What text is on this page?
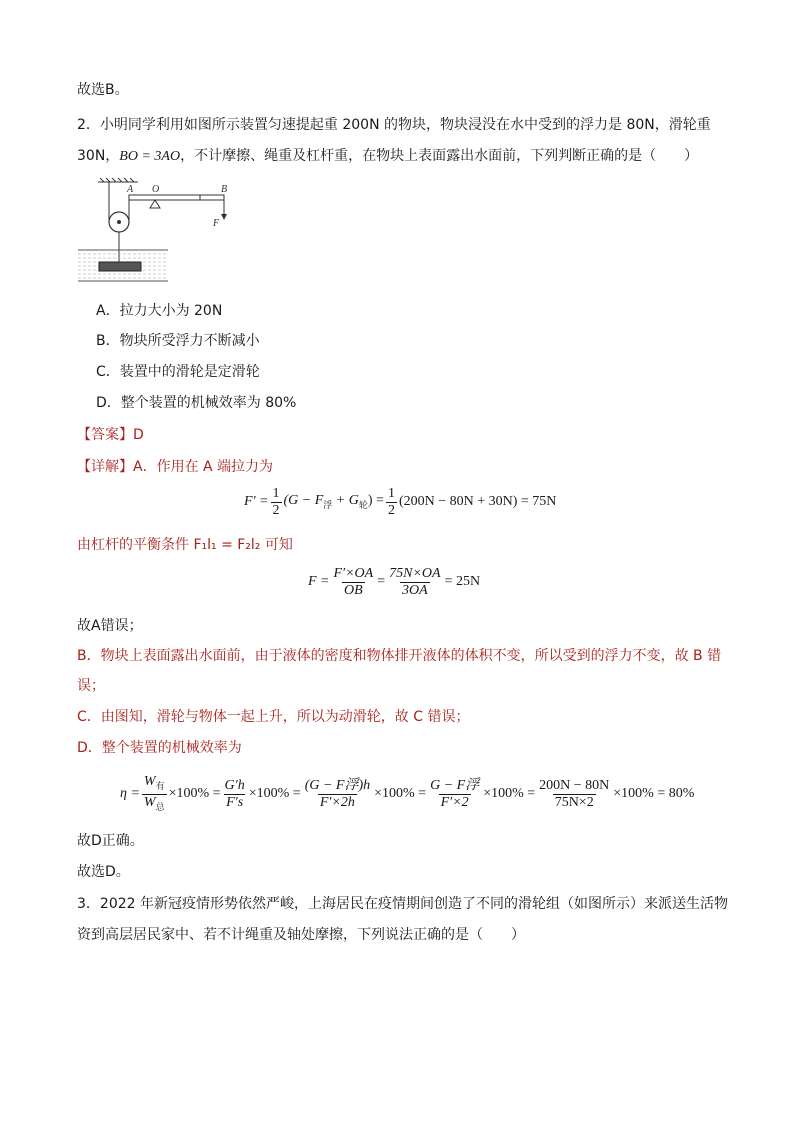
故选B。
2．小明同学利用如图所示装置匀速提起重 200N 的物块，物块浸没在水中受到的浮力是 80N，滑轮重
30N，BO = 3AO，不计摩擦、绳重及杠杆重，在物块上表面露出水面前，下列判断正确的是（　　）
A O	B
F
A．拉力大小为 20N
B．物块所受浮力不断减小
C．装置中的滑轮是定滑轮
D．整个装置的机械效率为 80%
【答案】D
【详解】A．作用在 A 端拉力为
$F' = \frac{1}{2} (G - F_浮 + G_轮) = \frac{1}{2} (200N - 80N + 30N) = 75N$
由杠杆的平衡条件 F₁l₁ = F₂l₂ 可知
$F = \frac{F'\times OA}{OB} = \frac{75N\times OA}{3OA} = 25N$
故A错误；
B．物块上表面露出水面前，由于液体的密度和物体排开液体的体积不变，所以受到的浮力不变，故 B 错
误；
C．由图知，滑轮与物体一起上升，所以为动滑轮，故 C 错误；
D．整个装置的机械效率为
$\eta = \frac{W_有}{W_总} \times 100\% = \frac{G'h}{F's} \times 100\% = \frac{\text{(G − F浮)h}}{F'\times 2h} \times 100\% = \frac{\text{G − F浮}}{F'\times 2} \times 100\% = \frac{200N - 80N}{75N\times 2} \times 100\% = 80\%$
故D正确。
故选D。
3．2022 年新冠疫情形势依然严峻，上海居民在疫情期间创造了不同的滑轮组（如图所示）来派送生活物
资到高层居民家中、若不计绳重及轴处摩擦，下列说法正确的是（　　）
